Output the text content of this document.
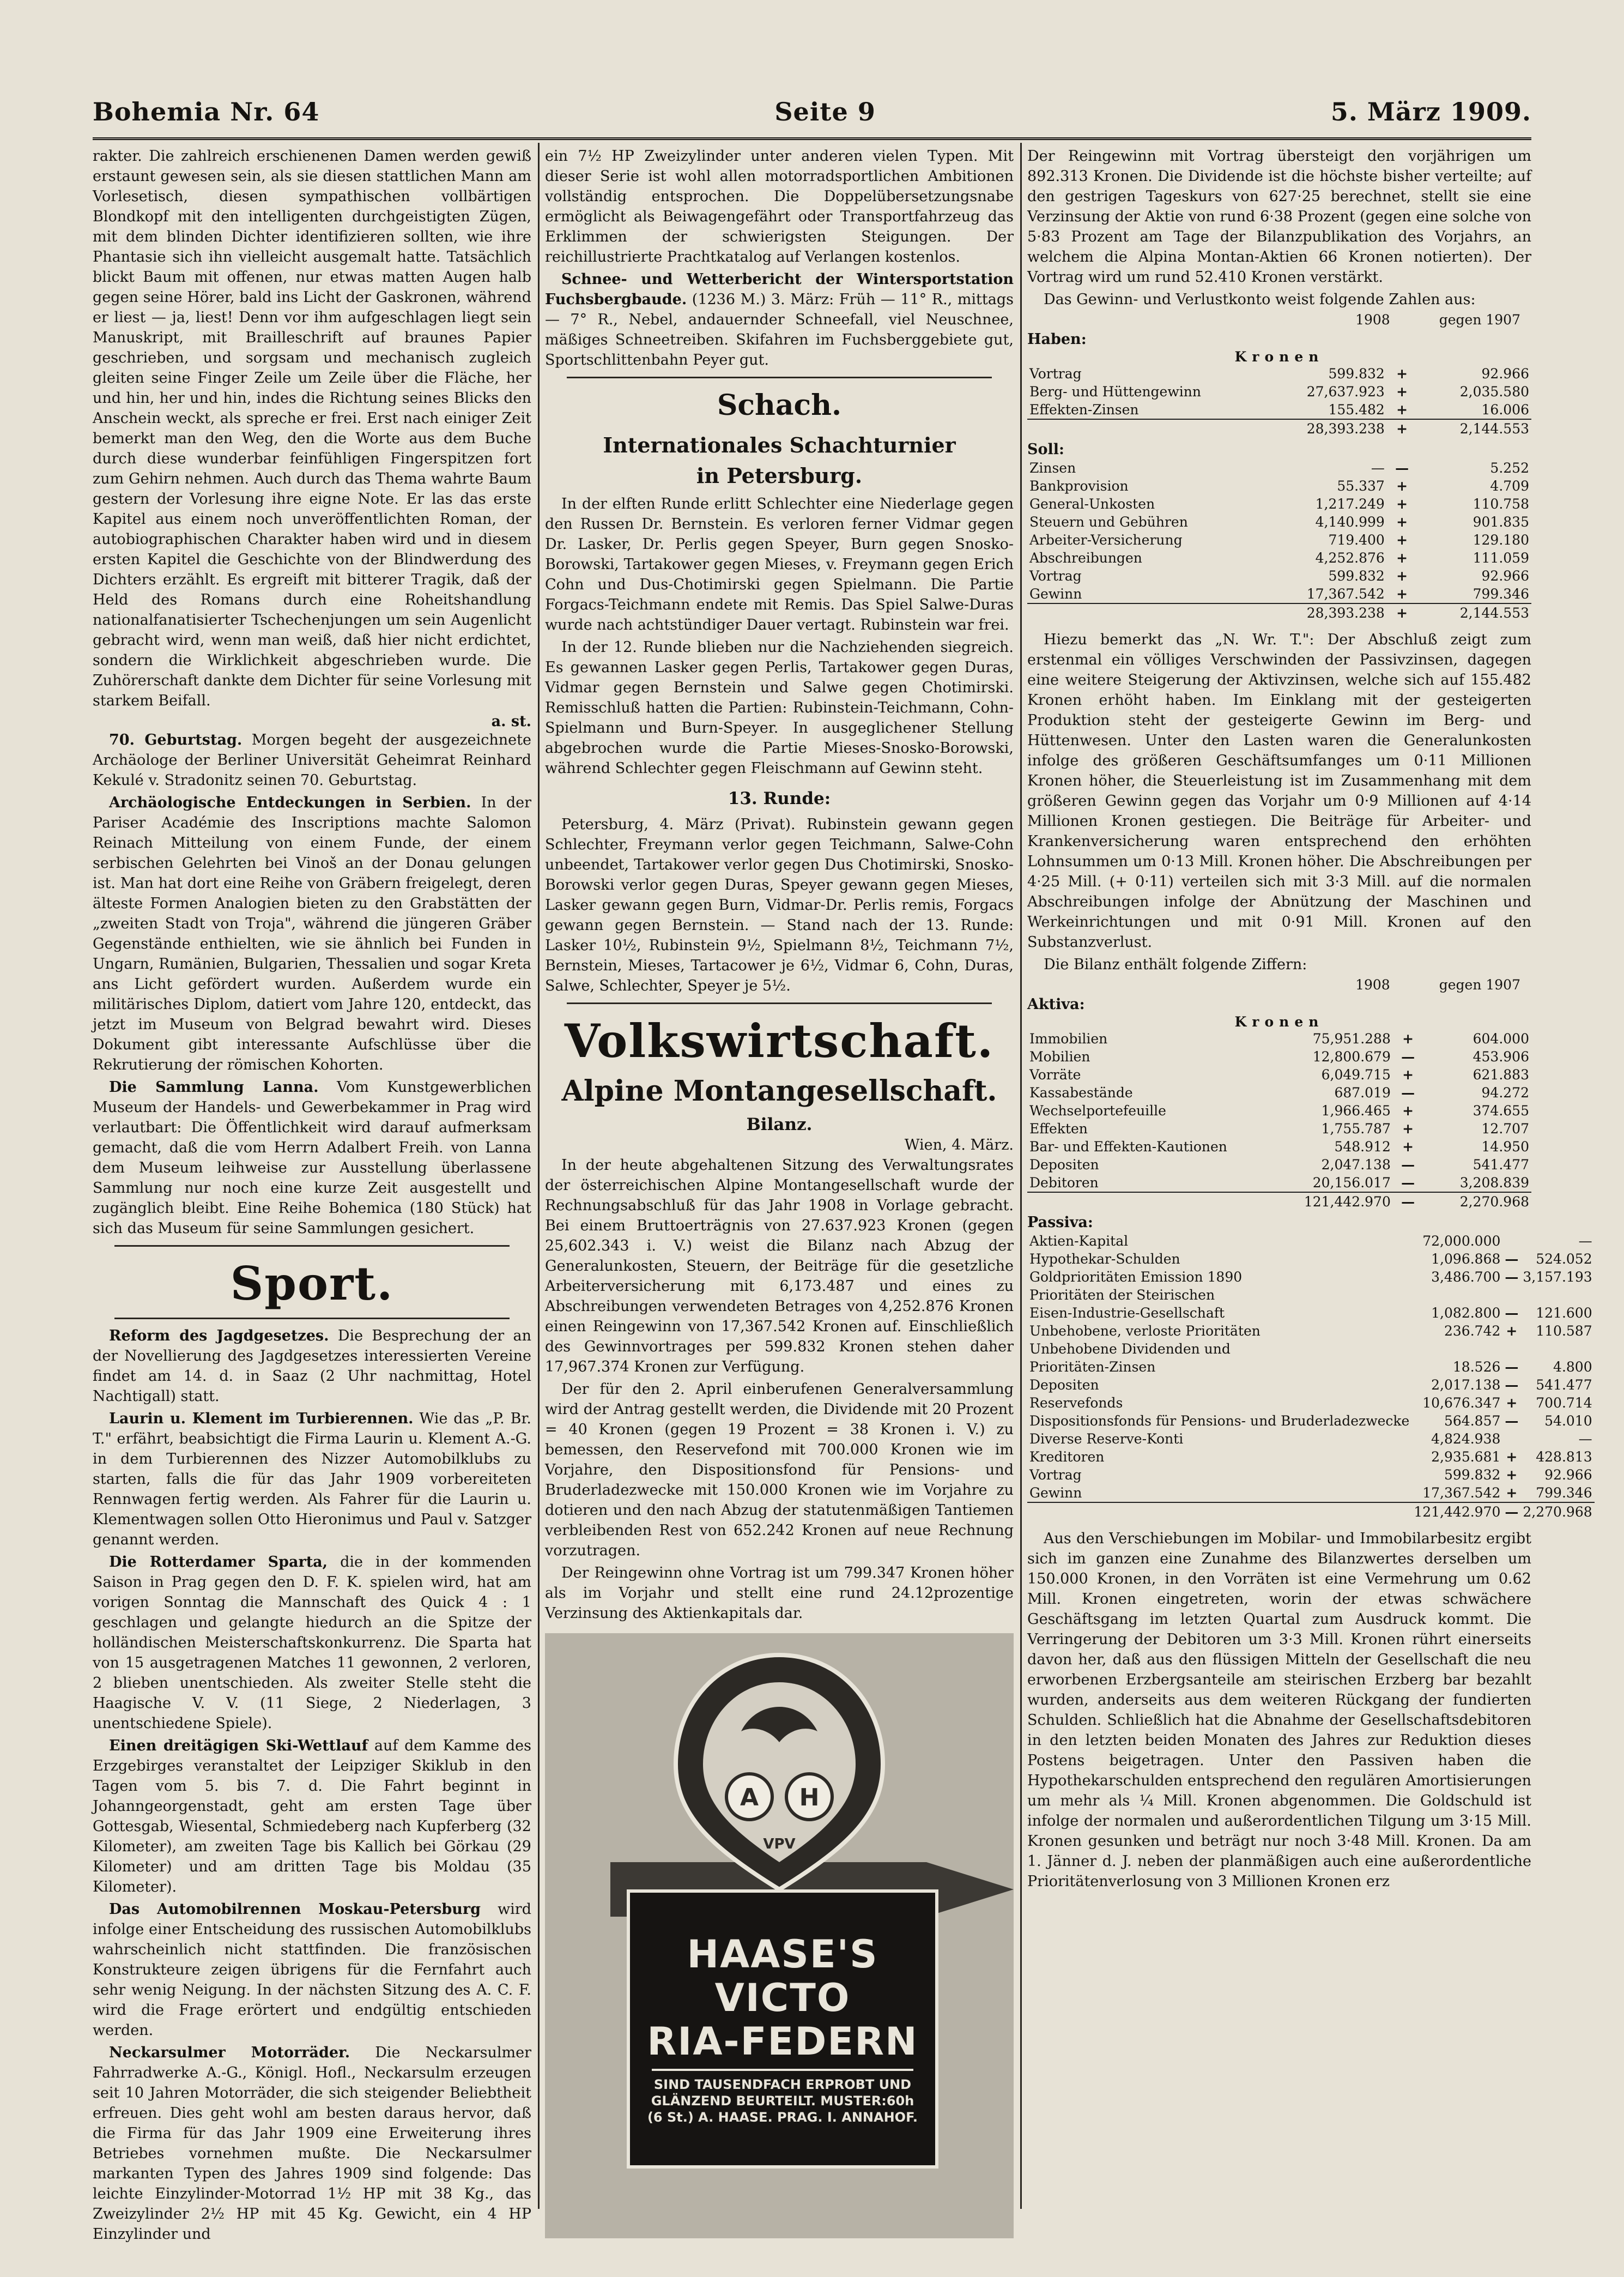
Bohemia Nr. 64	Seite 9	5. März 1909.

rakter. Die zahlreich erschienenen Damen werden gewiß erstaunt gewesen sein, als sie diesen stattlichen Mann am Vorlesetisch, diesen sympathischen vollbärtigen Blondkopf mit den intelligenten durchgeistigten Zügen, mit dem blinden Dichter identifizieren sollten, wie ihre Phantasie sich ihn vielleicht ausgemalt hatte. Tatsächlich blickt Baum mit offenen, nur etwas matten Augen halb gegen seine Hörer, bald ins Licht der Gaskronen, während er liest — ja, liest! Denn vor ihm aufgeschlagen liegt sein Manuskript, mit Brailleschrift auf braunes Papier geschrieben, und sorgsam und mechanisch zugleich gleiten seine Finger Zeile um Zeile über die Fläche, her und hin, her und hin, indes die Richtung seines Blicks den Anschein weckt, als spreche er frei. Erst nach einiger Zeit bemerkt man den Weg, den die Worte aus dem Buche durch diese wunderbar feinfühligen Fingerspitzen fort zum Gehirn nehmen. Auch durch das Thema wahrte Baum gestern der Vorlesung ihre eigne Note. Er las das erste Kapitel aus einem noch unveröffentlichten Roman, der autobiographischen Charakter haben wird und in diesem ersten Kapitel die Geschichte von der Blindwerdung des Dichters erzählt. Es ergreift mit bitterer Tragik, daß der Held des Romans durch eine Roheitshandlung nationalfanatisierter Tschechenjungen um sein Augenlicht gebracht wird, wenn man weiß, daß hier nicht erdichtet, sondern die Wirklichkeit abgeschrieben wurde. Die Zuhörerschaft dankte dem Dichter für seine Vorlesung mit starkem Beifall.

a. st.

70. Geburtstag. Morgen begeht der ausgezeichnete Archäologe der Berliner Universität Geheimrat Reinhard Kekulé v. Stradonitz seinen 70. Geburtstag.

Archäologische Entdeckungen in Serbien. In der Pariser Académie des Inscriptions machte Salomon Reinach Mitteilung von einem Funde, der einem serbischen Gelehrten bei Vinoš an der Donau gelungen ist. Man hat dort eine Reihe von Gräbern freigelegt, deren älteste Formen Analogien bieten zu den Grabstätten der „zweiten Stadt von Troja", während die jüngeren Gräber Gegenstände enthielten, wie sie ähnlich bei Funden in Ungarn, Rumänien, Bulgarien, Thessalien und sogar Kreta ans Licht gefördert wurden. Außerdem wurde ein militärisches Diplom, datiert vom Jahre 120, entdeckt, das jetzt im Museum von Belgrad bewahrt wird. Dieses Dokument gibt interessante Aufschlüsse über die Rekrutierung der römischen Kohorten.

Die Sammlung Lanna. Vom Kunstgewerblichen Museum der Handels- und Gewerbekammer in Prag wird verlautbart: Die Öffentlichkeit wird darauf aufmerksam gemacht, daß die vom Herrn Adalbert Freih. von Lanna dem Museum leihweise zur Ausstellung überlassene Sammlung nur noch eine kurze Zeit ausgestellt und zugänglich bleibt. Eine Reihe Bohemica (180 Stück) hat sich das Museum für seine Sammlungen gesichert.

Sport.

Reform des Jagdgesetzes. Die Besprechung der an der Novellierung des Jagdgesetzes interessierten Vereine findet am 14. d. in Saaz (2 Uhr nachmittag, Hotel Nachtigall) statt.

Laurin u. Klement im Turbierennen. Wie das „P. Br. T." erfährt, beabsichtigt die Firma Laurin u. Klement A.-G. in dem Turbierennen des Nizzer Automobilklubs zu starten, falls die für das Jahr 1909 vorbereiteten Rennwagen fertig werden. Als Fahrer für die Laurin u. Klementwagen sollen Otto Hieronimus und Paul v. Satzger genannt werden.

Die Rotterdamer Sparta, die in der kommenden Saison in Prag gegen den D. F. K. spielen wird, hat am vorigen Sonntag die Mannschaft des Quick 4 : 1 geschlagen und gelangte hiedurch an die Spitze der holländischen Meisterschaftskonkurrenz. Die Sparta hat von 15 ausgetragenen Matches 11 gewonnen, 2 verloren, 2 blieben unentschieden. Als zweiter Stelle steht die Haagische V. V. (11 Siege, 2 Niederlagen, 3 unentschiedene Spiele).

Einen dreitägigen Ski-Wettlauf auf dem Kamme des Erzgebirges veranstaltet der Leipziger Skiklub in den Tagen vom 5. bis 7. d. Die Fahrt beginnt in Johanngeorgenstadt, geht am ersten Tage über Gottesgab, Wiesental, Schmiedeberg nach Kupferberg (32 Kilometer), am zweiten Tage bis Kallich bei Görkau (29 Kilometer) und am dritten Tage bis Moldau (35 Kilometer).

Das Automobilrennen Moskau-Petersburg wird infolge einer Entscheidung des russischen Automobilklubs wahrscheinlich nicht stattfinden. Die französischen Konstrukteure zeigen übrigens für die Fernfahrt auch sehr wenig Neigung. In der nächsten Sitzung des A. C. F. wird die Frage erörtert und endgültig entschieden werden.

Neckarsulmer Motorräder. Die Neckarsulmer Fahrradwerke A.-G., Königl. Hofl., Neckarsulm erzeugen seit 10 Jahren Motorräder, die sich steigender Beliebtheit erfreuen. Dies geht wohl am besten daraus hervor, daß die Firma für das Jahr 1909 eine Erweiterung ihres Betriebes vornehmen mußte. Die Neckarsulmer markanten Typen des Jahres 1909 sind folgende: Das leichte Einzylinder-Motorrad 1½ HP mit 38 Kg., das Zweizylinder 2½ HP mit 45 Kg. Gewicht, ein 4 HP Einzylinder und

ein 7½ HP Zweizylinder unter anderen vielen Typen. Mit dieser Serie ist wohl allen motorradsportlichen Ambitionen vollständig entsprochen. Die Doppelübersetzungsnabe ermöglicht als Beiwagengefährt oder Transportfahrzeug das Erklimmen der schwierigsten Steigungen. Der reichillustrierte Prachtkatalog auf Verlangen kostenlos.

Schnee- und Wetterbericht der Wintersportstation Fuchsbergbaude. (1236 M.) 3. März: Früh — 11° R., mittags — 7° R., Nebel, andauernder Schneefall, viel Neuschnee, mäßiges Schneetreiben. Skifahren im Fuchsberggebiete gut, Sportschlittenbahn Peyer gut.

Schach.
Internationales Schachturnier
in Petersburg.

In der elften Runde erlitt Schlechter eine Niederlage gegen den Russen Dr. Bernstein. Es verloren ferner Vidmar gegen Dr. Lasker, Dr. Perlis gegen Speyer, Burn gegen Snosko-Borowski, Tartakower gegen Mieses, v. Freymann gegen Erich Cohn und Dus-Chotimirski gegen Spielmann. Die Partie Forgacs-Teichmann endete mit Remis. Das Spiel Salwe-Duras wurde nach achtstündiger Dauer vertagt. Rubinstein war frei.

In der 12. Runde blieben nur die Nachziehenden siegreich. Es gewannen Lasker gegen Perlis, Tartakower gegen Duras, Vidmar gegen Bernstein und Salwe gegen Chotimirski. Remisschluß hatten die Partien: Rubinstein-Teichmann, Cohn-Spielmann und Burn-Speyer. In ausgeglichener Stellung abgebrochen wurde die Partie Mieses-Snosko-Borowski, während Schlechter gegen Fleischmann auf Gewinn steht.

13. Runde:

Petersburg, 4. März (Privat). Rubinstein gewann gegen Schlechter, Freymann verlor gegen Teichmann, Salwe-Cohn unbeendet, Tartakower verlor gegen Dus Chotimirski, Snosko-Borowski verlor gegen Duras, Speyer gewann gegen Mieses, Lasker gewann gegen Burn, Vidmar-Dr. Perlis remis, Forgacs gewann gegen Bernstein. — Stand nach der 13. Runde: Lasker 10½, Rubinstein 9½, Spielmann 8½, Teichmann 7½, Bernstein, Mieses, Tartacower je 6½, Vidmar 6, Cohn, Duras, Salwe, Schlechter, Speyer je 5½.

Volkswirtschaft.
Alpine Montangesellschaft.
Bilanz.
Wien, 4. März.

In der heute abgehaltenen Sitzung des Verwaltungsrates der österreichischen Alpine Montangesellschaft wurde der Rechnungsabschluß für das Jahr 1908 in Vorlage gebracht. Bei einem Bruttoerträgnis von 27.637.923 Kronen (gegen 25,602.343 i. V.) weist die Bilanz nach Abzug der Generalunkosten, Steuern, der Beiträge für die gesetzliche Arbeiterversicherung mit 6,173.487 und eines zu Abschreibungen verwendeten Betrages von 4,252.876 Kronen einen Reingewinn von 17,367.542 Kronen auf. Einschließlich des Gewinnvortrages per 599.832 Kronen stehen daher 17,967.374 Kronen zur Verfügung.

Der für den 2. April einberufenen Generalversammlung wird der Antrag gestellt werden, die Dividende mit 20 Prozent = 40 Kronen (gegen 19 Prozent = 38 Kronen i. V.) zu bemessen, den Reservefond mit 700.000 Kronen wie im Vorjahre, den Dispositionsfond für Pensions- und Bruderladezwecke mit 150.000 Kronen wie im Vorjahre zu dotieren und den nach Abzug der statutenmäßigen Tantiemen verbleibenden Rest von 652.242 Kronen auf neue Rechnung vorzutragen.

Der Reingewinn ohne Vortrag ist um 799.347 Kronen höher als im Vorjahr und stellt eine rund 24.12prozentige Verzinsung des Aktienkapitals dar.

A H
VPV
HAASE'S VICTO
RIA-FEDERN
SIND TAUSENDFACH ERPROBT UND
GLÄNZEND BEURTEILT. MUSTER:60h
(6 St.) A. HAASE. PRAG. I. ANNAHOF.

Der Reingewinn mit Vortrag übersteigt den vorjährigen um 892.313 Kronen. Die Dividende ist die höchste bisher verteilte; auf den gestrigen Tageskurs von 627·25 berechnet, stellt sie eine Verzinsung der Aktie von rund 6·38 Prozent (gegen eine solche von 5·83 Prozent am Tage der Bilanzpublikation des Vorjahrs, an welchem die Alpina Montan-Aktien 66 Kronen notierten). Der Vortrag wird um rund 52.410 Kronen verstärkt.

Das Gewinn- und Verlustkonto weist folgende Zahlen aus:

1908	gegen 1907
Haben:
Kronen
Vortrag	599.832	+	92.966
Berg- und Hüttengewinn	27,637.923	+	2,035.580
Effekten-Zinsen	155.482	+	16.006
	28,393.238	+	2,144.553
Soll:
Zinsen	—	—	5.252
Bankprovision	55.337	+	4.709
General-Unkosten	1,217.249	+	110.758
Steuern und Gebühren	4,140.999	+	901.835
Arbeiter-Versicherung	719.400	+	129.180
Abschreibungen	4,252.876	+	111.059
Vortrag	599.832	+	92.966
Gewinn	17,367.542	+	799.346
	28,393.238	+	2,144.553

Hiezu bemerkt das „N. Wr. T.": Der Abschluß zeigt zum erstenmal ein völliges Verschwinden der Passivzinsen, dagegen eine weitere Steigerung der Aktivzinsen, welche sich auf 155.482 Kronen erhöht haben. Im Einklang mit der gesteigerten Produktion steht der gesteigerte Gewinn im Berg- und Hüttenwesen. Unter den Lasten waren die Generalunkosten infolge des größeren Geschäftsumfanges um 0·11 Millionen Kronen höher, die Steuerleistung ist im Zusammenhang mit dem größeren Gewinn gegen das Vorjahr um 0·9 Millionen auf 4·14 Millionen Kronen gestiegen. Die Beiträge für Arbeiter- und Krankenversicherung waren entsprechend den erhöhten Lohnsummen um 0·13 Mill. Kronen höher. Die Abschreibungen per 4·25 Mill. (+ 0·11) verteilen sich mit 3·3 Mill. auf die normalen Abschreibungen infolge der Abnützung der Maschinen und Werkeinrichtungen und mit 0·91 Mill. Kronen auf den Substanzverlust.

Die Bilanz enthält folgende Ziffern:

1908	gegen 1907
Aktiva:
Kronen
Immobilien	75,951.288	+	604.000
Mobilien	12,800.679	—	453.906
Vorräte	6,049.715	+	621.883
Kassabestände	687.019	—	94.272
Wechselportefeuille	1,966.465	+	374.655
Effekten	1,755.787	+	12.707
Bar- und Effekten-Kautionen	548.912	+	14.950
Depositen	2,047.138	—	541.477
Debitoren	20,156.017	—	3,208.839
	121,442.970	—	2,270.968
Passiva:
Aktien-Kapital	72,000.000		—
Hypothekar-Schulden	1,096.868	—	524.052
Goldprioritäten Emission 1890	3,486.700	—	3,157.193
Prioritäten der Steirischen			
Eisen-Industrie-Gesellschaft	1,082.800	—	121.600
Unbehobene, verloste Prioritäten	236.742	+	110.587
Unbehobene Dividenden und			
Prioritäten-Zinsen	18.526	—	4.800
Depositen	2,017.138	—	541.477
Reservefonds	10,676.347	+	700.714
Dispositionsfonds für Pensions- und Bruderladezwecke	564.857	—	54.010
Diverse Reserve-Konti	4,824.938		—
Kreditoren	2,935.681	+	428.813
Vortrag	599.832	+	92.966
Gewinn	17,367.542	+	799.346
	121,442.970	—	2,270.968

Aus den Verschiebungen im Mobilar- und Immobilarbesitz ergibt sich im ganzen eine Zunahme des Bilanzwertes derselben um 150.000 Kronen, in den Vorräten ist eine Vermehrung um 0.62 Mill. Kronen eingetreten, worin der etwas schwächere Geschäftsgang im letzten Quartal zum Ausdruck kommt. Die Verringerung der Debitoren um 3·3 Mill. Kronen rührt einerseits davon her, daß aus den flüssigen Mitteln der Gesellschaft die neu erworbenen Erzbergsanteile am steirischen Erzberg bar bezahlt wurden, anderseits aus dem weiteren Rückgang der fundierten Schulden. Schließlich hat die Abnahme der Gesellschaftsdebitoren in den letzten beiden Monaten des Jahres zur Reduktion dieses Postens beigetragen. Unter den Passiven haben die Hypothekarschulden entsprechend den regulären Amortisierungen um mehr als ¼ Mill. Kronen abgenommen. Die Goldschuld ist infolge der normalen und außerordentlichen Tilgung um 3·15 Mill. Kronen gesunken und beträgt nur noch 3·48 Mill. Kronen. Da am 1. Jänner d. J. neben der planmäßigen auch eine außerordentliche Prioritätenverlosung von 3 Millionen Kronen erz
